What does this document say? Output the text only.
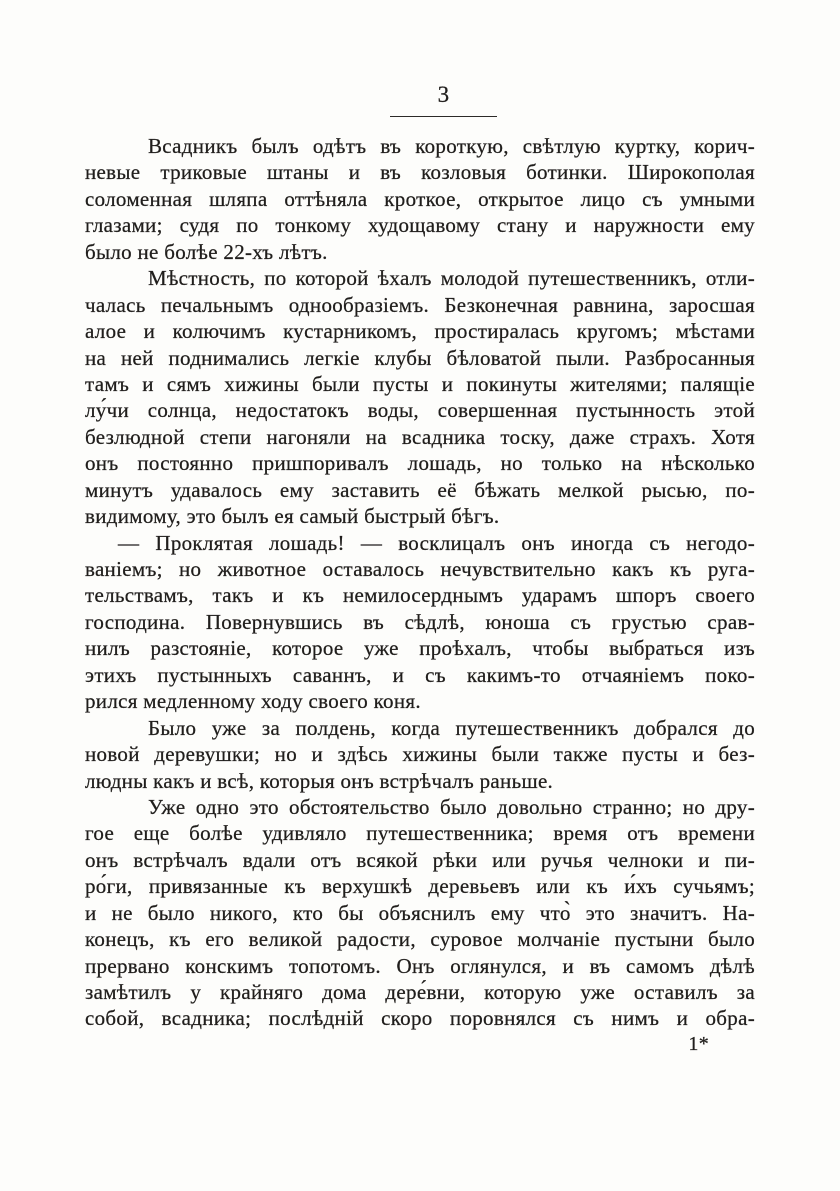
3

Всадникъ былъ одѣтъ въ короткую, свѣтлую куртку, корич-
невые триковые штаны и въ козловыя ботинки. Широкополая
соломенная шляпа оттѣняла кроткое, открытое лицо съ умными
глазами; судя по тонкому худощавому стану и наружности ему
было не болѣе 22-хъ лѣтъ.

Мѣстность, по которой ѣхалъ молодой путешественникъ, отли-
чалась печальнымъ однообразіемъ. Безконечная равнина, заросшая
алое и колючимъ кустарникомъ, простиралась кругомъ; мѣстами
на ней поднимались легкіе клубы бѣловатой пыли. Разбросанныя
тамъ и сямъ хижины были пусты и покинуты жителями; палящіе
лу́чи солнца, недостатокъ воды, совершенная пустынность этой
безлюдной степи нагоняли на всадника тоску, даже страхъ. Хотя
онъ постоянно пришпоривалъ лошадь, но только на нѣсколько
минутъ удавалось ему заставить её бѣжать мелкой рысью, по-
видимому, это былъ ея самый быстрый бѣгъ.

— Проклятая лошадь! — восклицалъ онъ иногда съ негодо-
ваніемъ; но животное оставалось нечувствительно какъ къ руга-
тельствамъ, такъ и къ немилосерднымъ ударамъ шпоръ своего
господина. Повернувшись въ сѣдлѣ, юноша съ грустью срав-
нилъ разстояніе, которое уже проѣхалъ, чтобы выбраться изъ
этихъ пустынныхъ саваннъ, и съ какимъ-то отчаяніемъ поко-
рился медленному ходу своего коня.

Было уже за полдень, когда путешественникъ добрался до
новой деревушки; но и здѣсь хижины были также пусты и без-
людны какъ и всѣ, которыя онъ встрѣчалъ раньше.

Уже одно это обстоятельство было довольно странно; но дру-
гое еще болѣе удивляло путешественника; время отъ времени
онъ встрѣчалъ вдали отъ всякой рѣки или ручья челноки и пи-
ро́ги, привязанные къ верхушкѣ деревьевъ или къ и́хъ сучьямъ;
и не было никого, кто бы объяснилъ ему что̀ это значитъ. На-
конецъ, къ его великой радости, суровое молчаніе пустыни было
прервано конскимъ топотомъ. Онъ оглянулся, и въ самомъ дѣлѣ
замѣтилъ у крайняго дома дере́вни, которую уже оставилъ за
собой, всадника; послѣдній скоро поровнялся съ нимъ и обра-

1*
